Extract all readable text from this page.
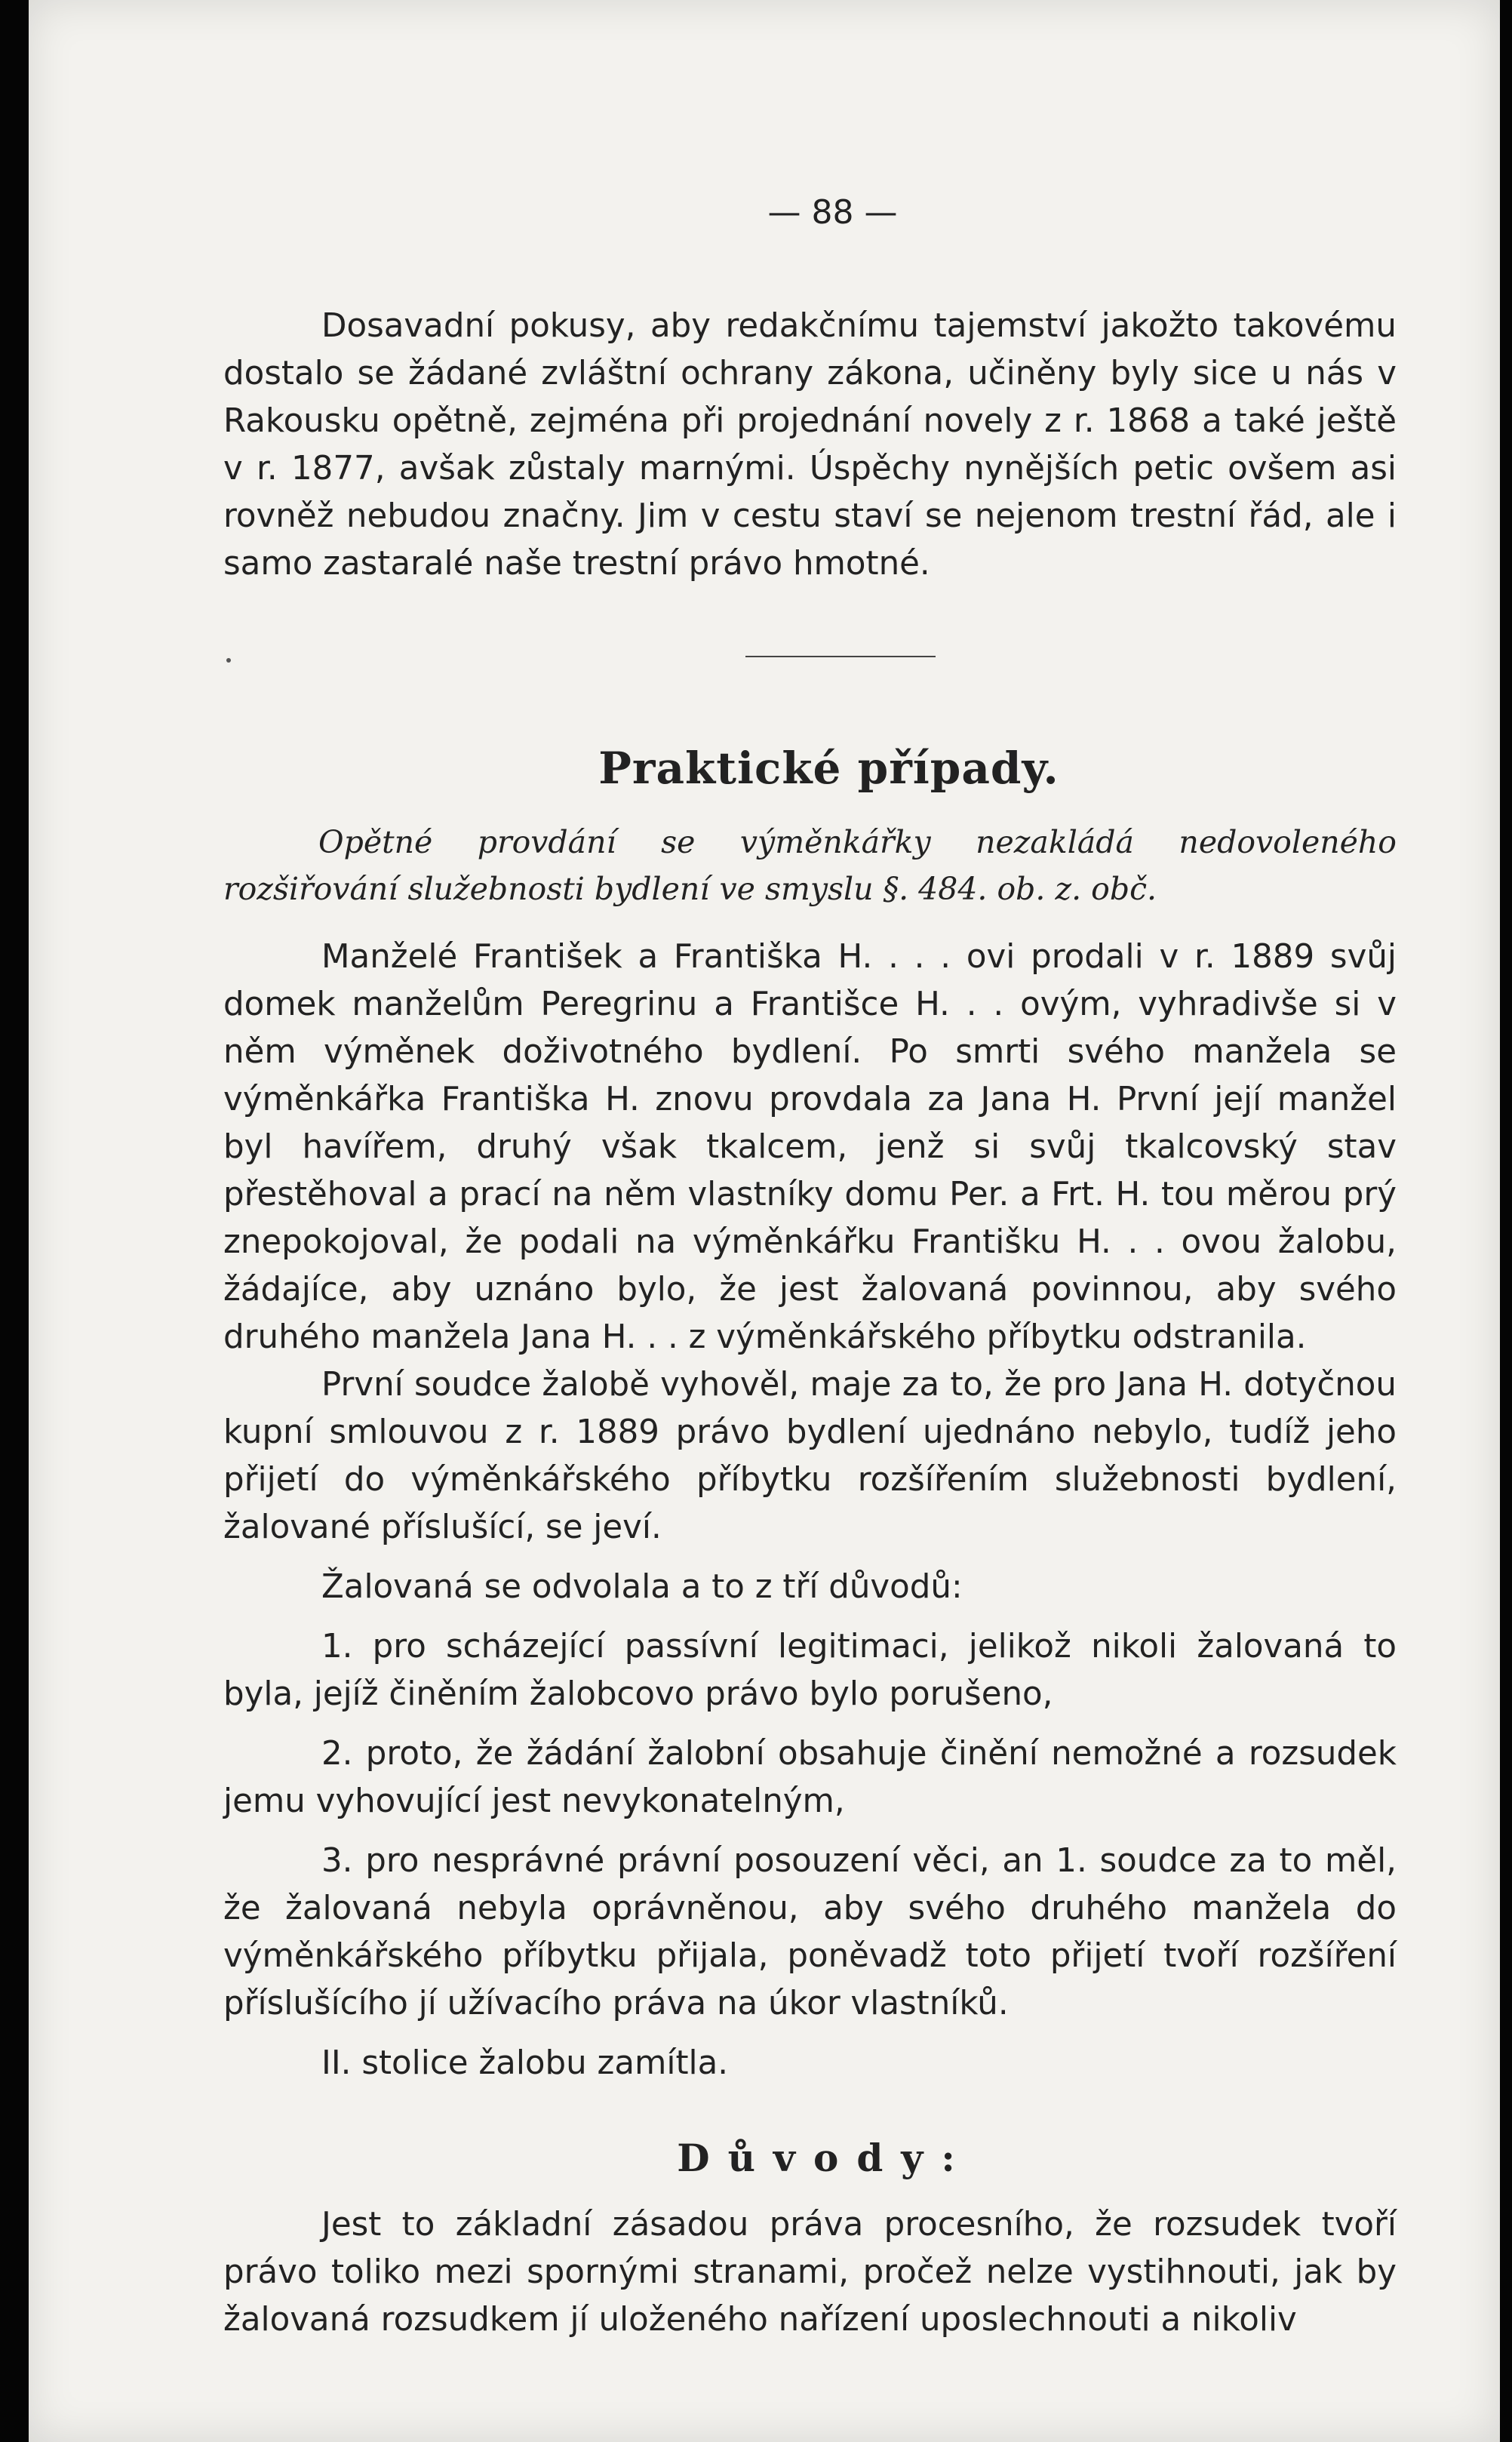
— 88 —

Dosavadní pokusy, aby redakčnímu tajemství jakožto takovému dostalo se žádané zvláštní ochrany zákona, učiněny byly sice u nás v Rakousku opětně, zejména při projednání novely z r. 1868 a také ještě v r. 1877, avšak zůstaly marnými. Úspěchy nynějších petic ovšem asi rovněž nebudou značny. Jim v cestu staví se nejenom trestní řád, ale i samo zastaralé naše trestní právo hmotné.

Praktické případy.
Opětné provdání se výměnkářky nezakládá nedovoleného rozšiřování služebnosti bydlení ve smyslu §. 484. ob. z. obč.

Manželé František a Františka H. . . . ovi prodali v r. 1889 svůj domek manželům Peregrinu a Františce H. . . ovým, vyhradivše si v něm výměnek doživotného bydlení. Po smrti svého manžela se výměnkářka Františka H. znovu provdala za Jana H. První její manžel byl havířem, druhý však tkalcem, jenž si svůj tkalcovský stav přestěhoval a prací na něm vlastníky domu Per. a Frt. H. tou měrou prý znepokojoval, že podali na výměnkářku Františku H. . . ovou žalobu, žádajíce, aby uznáno bylo, že jest žalovaná povinnou, aby svého druhého manžela Jana H. . . z výměnkářského příbytku odstranila.

První soudce žalobě vyhověl, maje za to, že pro Jana H. dotyčnou kupní smlouvou z r. 1889 právo bydlení ujednáno nebylo, tudíž jeho přijetí do výměnkářského příbytku rozšířením služebnosti bydlení, žalované příslušící, se jeví.

Žalovaná se odvolala a to z tří důvodů:

1. pro scházející passívní legitimaci, jelikož nikoli žalovaná to byla, jejíž činěním žalobcovo právo bylo porušeno,

2. proto, že žádání žalobní obsahuje činění nemožné a rozsudek jemu vyhovující jest nevykonatelným,

3. pro nesprávné právní posouzení věci, an 1. soudce za to měl, že žalovaná nebyla oprávněnou, aby svého druhého manžela do výměnkářského příbytku přijala, poněvadž toto přijetí tvoří rozšíření příslušícího jí užívacího práva na úkor vlastníků.

II. stolice žalobu zamítla.

Důvody:

Jest to základní zásadou práva procesního, že rozsudek tvoří právo toliko mezi spornými stranami, pročež nelze vystihnouti, jak by žalovaná rozsudkem jí uloženého nařízení uposlechnouti a nikoliv
